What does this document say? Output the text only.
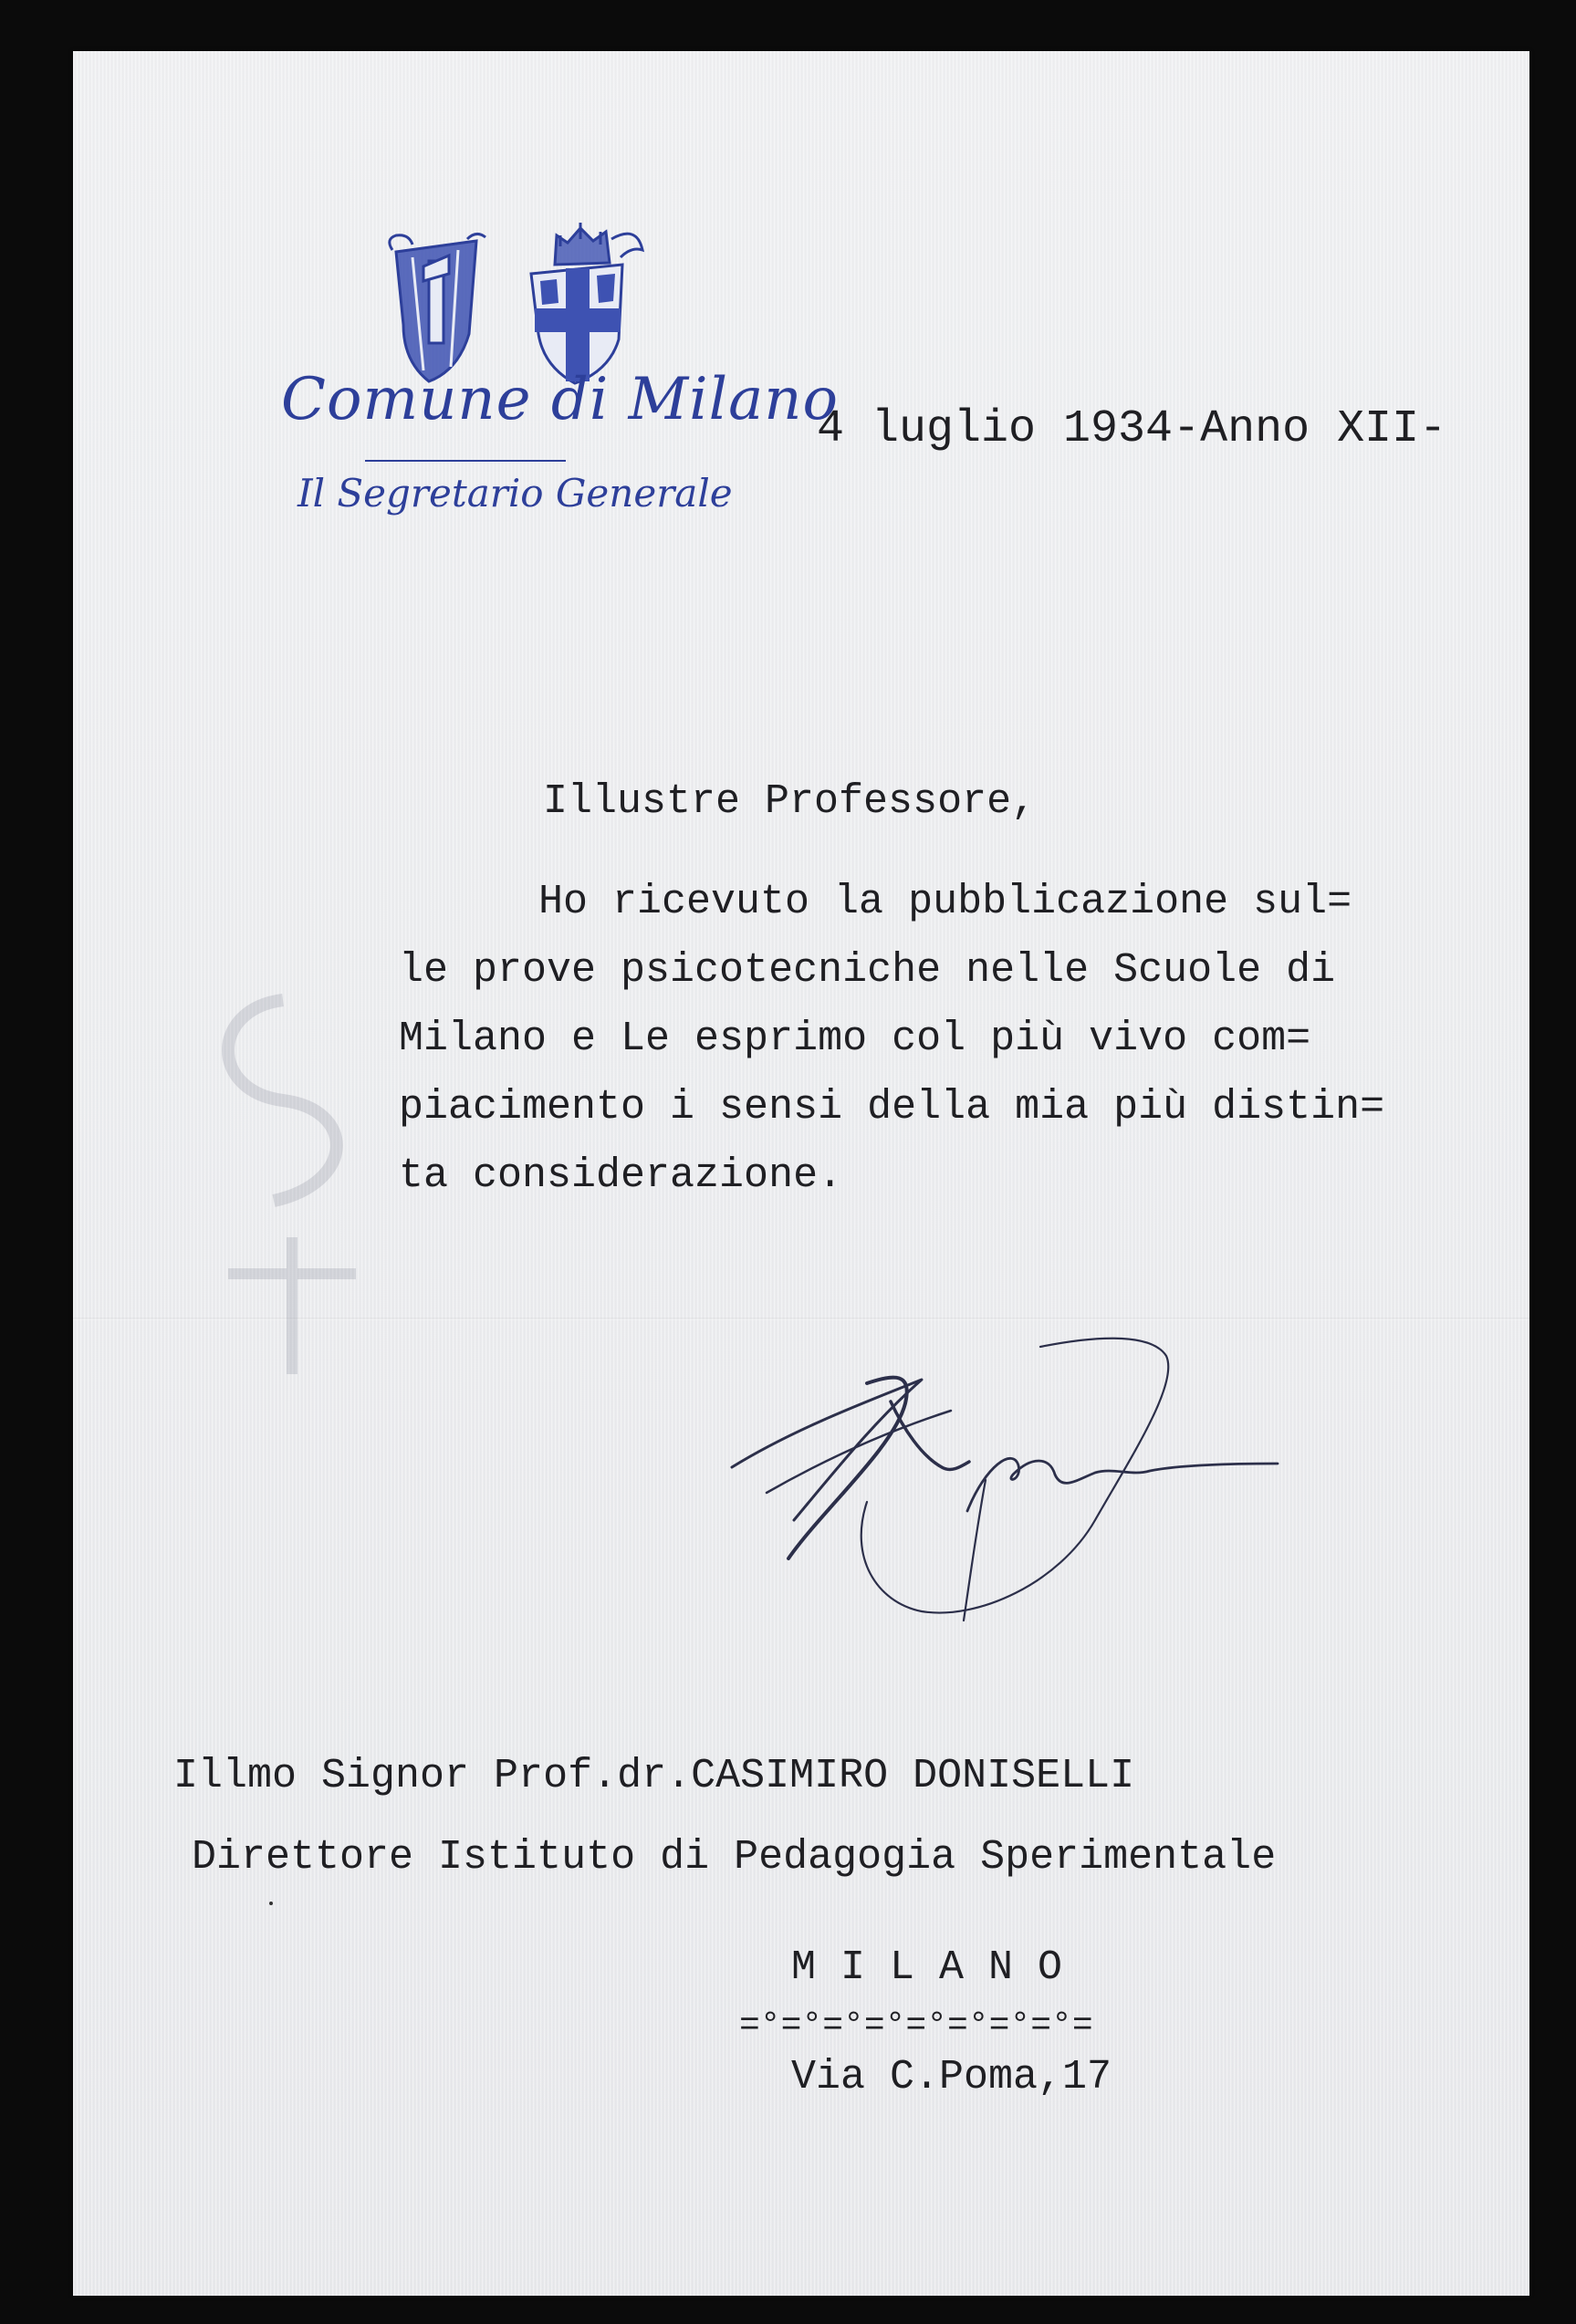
Comune di Milano
Il Segretario Generale
4 luglio 1934-Anno XII-
Illustre Professore,
Ho ricevuto la pubblicazione sul=
le prove psicotecniche nelle Scuole di
Milano e Le esprimo col più vivo com=
piacimento i sensi della mia più distin=
ta considerazione.
Illmo Signor Prof.dr.CASIMIRO DONISELLI
Direttore Istituto di Pedagogia Sperimentale
M I L A N O
=°=°=°=°=°=°=°=°=
Via C.Poma,17
